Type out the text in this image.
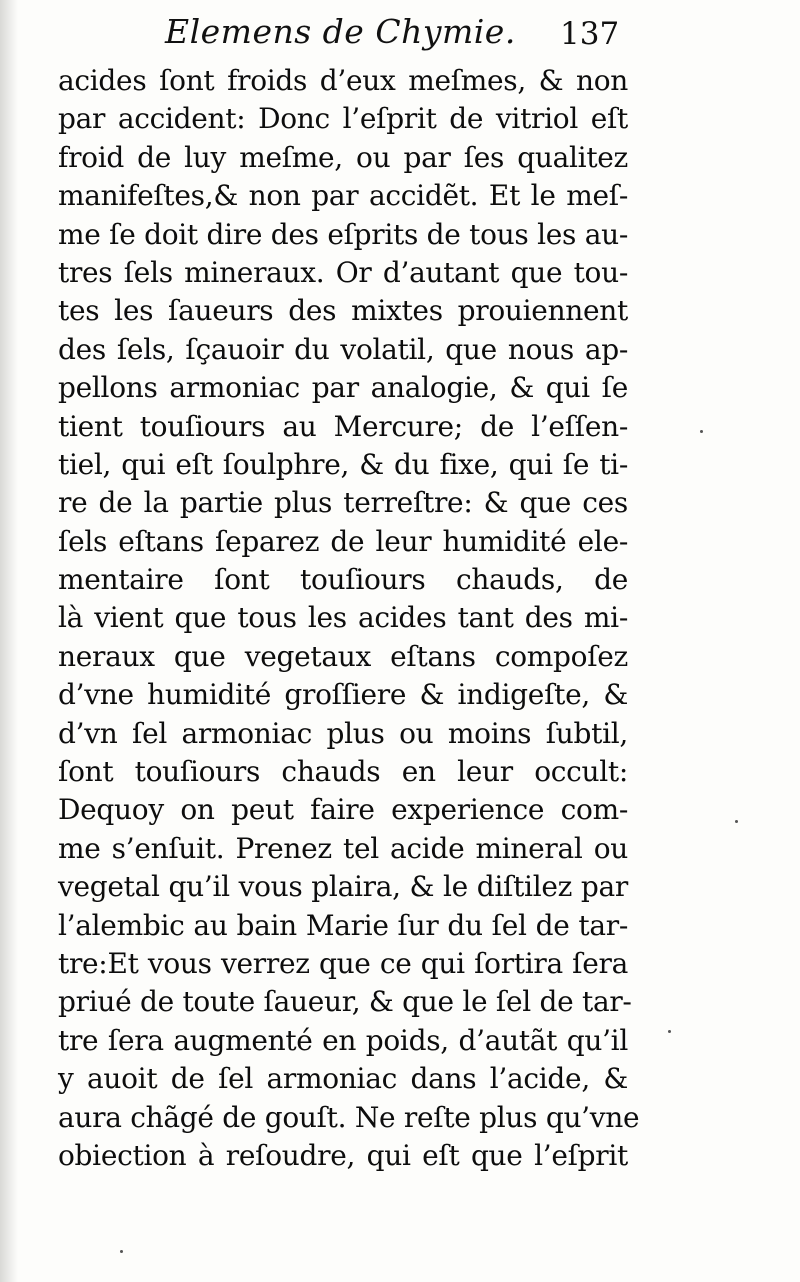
Elemens de Chymie. 137
acides ſont froids d’eux meſmes, & non
par accident: Donc l’eſprit de vitriol eſt
froid de luy meſme, ou par ſes qualitez
manifeſtes,& non par accidẽt. Et le meſ-
me ſe doit dire des eſprits de tous les au-
tres ſels mineraux. Or d’autant que tou-
tes les ſaueurs des mixtes prouiennent
des ſels, ſçauoir du volatil, que nous ap-
pellons armoniac par analogie, & qui ſe
tient touſiours au Mercure; de l’eſſen-
tiel, qui eſt ſoulphre, & du fixe, qui ſe ti-
re de la partie plus terreſtre: & que ces
ſels eſtans ſeparez de leur humidité ele-
mentaire ſont touſiours chauds, de
là vient que tous les acides tant des mi-
neraux que vegetaux eſtans compoſez
d’vne humidité groſſiere & indigeſte, &
d’vn ſel armoniac plus ou moins ſubtil,
ſont touſiours chauds en leur occult:
Dequoy on peut faire experience com-
me s’enſuit. Prenez tel acide mineral ou
vegetal qu’il vous plaira, & le diſtilez par
l’alembic au bain Marie ſur du ſel de tar-
tre:Et vous verrez que ce qui ſortira ſera
priué de toute ſaueur, & que le ſel de tar-
tre ſera augmenté en poids, d’autãt qu’il
y auoit de ſel armoniac dans l’acide, &
aura chãgé de gouſt. Ne reſte plus qu’vne
obiection à reſoudre, qui eſt que l’eſprit
